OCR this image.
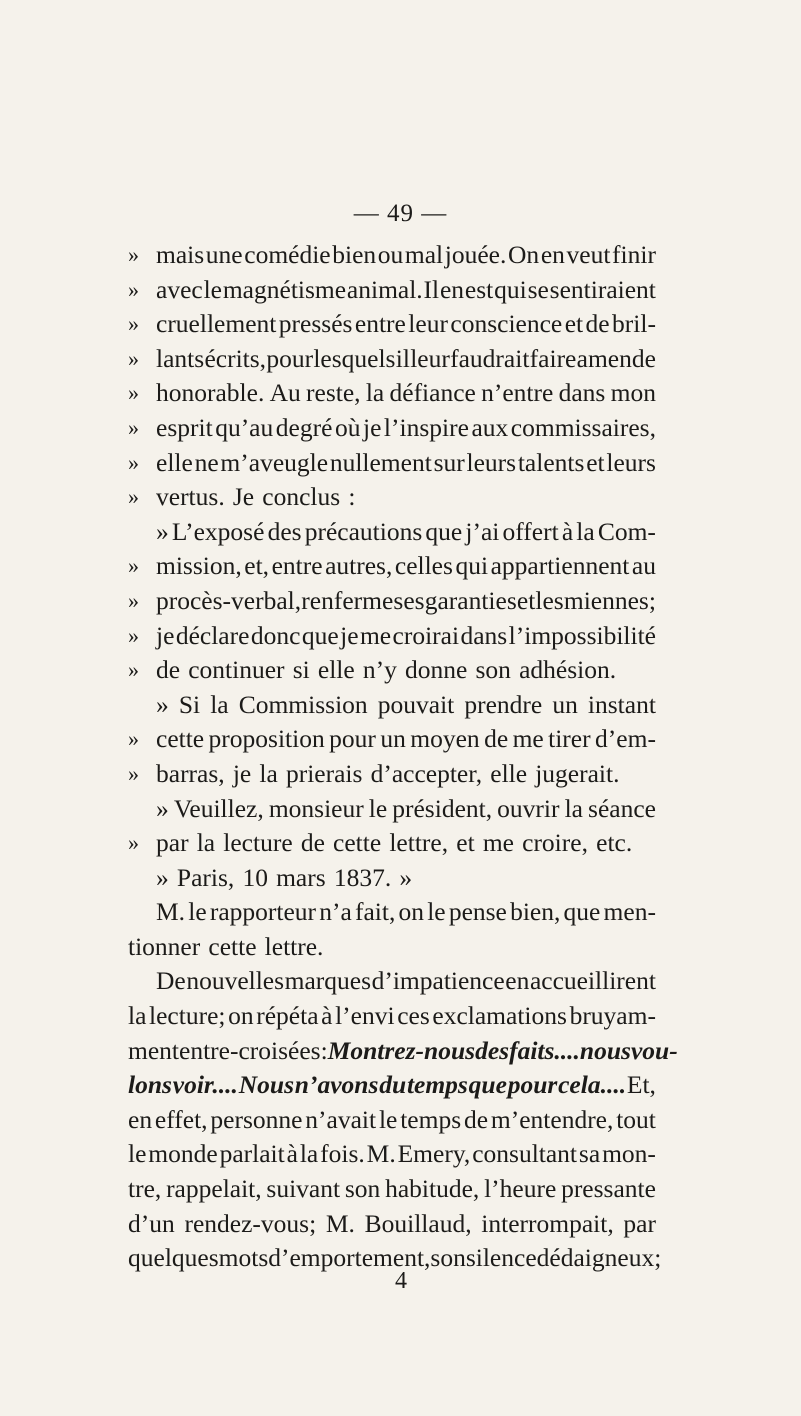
— 49 —
» mais une comédie bien ou mal jouée. On en veut finir
» avec le magnétisme animal. Il en est qui se sentiraient
» cruellement pressés entre leur conscience et de bril-
» lants écrits, pour lesquels il leur faudrait faire amende
» honorable. Au reste, la défiance n’entre dans mon
» esprit qu’au degré où je l’inspire aux commissaires,
» elle ne m’aveugle nullement sur leurs talents et leurs
» vertus. Je conclus :
» L’exposé des précautions que j’ai offert à la Com-
» mission, et, entre autres, celles qui appartiennent au
» procès-verbal, renferme ses garanties et les miennes;
» je déclare donc que je me croirai dans l’impossibilité
» de continuer si elle n’y donne son adhésion.
» Si la Commission pouvait prendre un instant
» cette proposition pour un moyen de me tirer d’em-
» barras, je la prierais d’accepter, elle jugerait.
» Veuillez, monsieur le président, ouvrir la séance
» par la lecture de cette lettre, et me croire, etc.
» Paris, 10 mars 1837. »
M. le rapporteur n’a fait, on le pense bien, que men-
tionner cette lettre.
De nouvelles marques d’impatience en accueillirent
la lecture; on répéta à l’envi ces exclamations bruyam-
ment entre-croisées : Montrez-nous des faits.... nous vou-
lons voir.... Nous n’avons du temps que pour cela.... Et,
en effet, personne n’avait le temps de m’entendre, tout
le monde parlait à la fois. M. Emery, consultant sa mon-
tre, rappelait, suivant son habitude, l’heure pressante
d’un rendez-vous; M. Bouillaud, interrompait, par
quelques mots d’emportement, son silence dédaigneux;
4
